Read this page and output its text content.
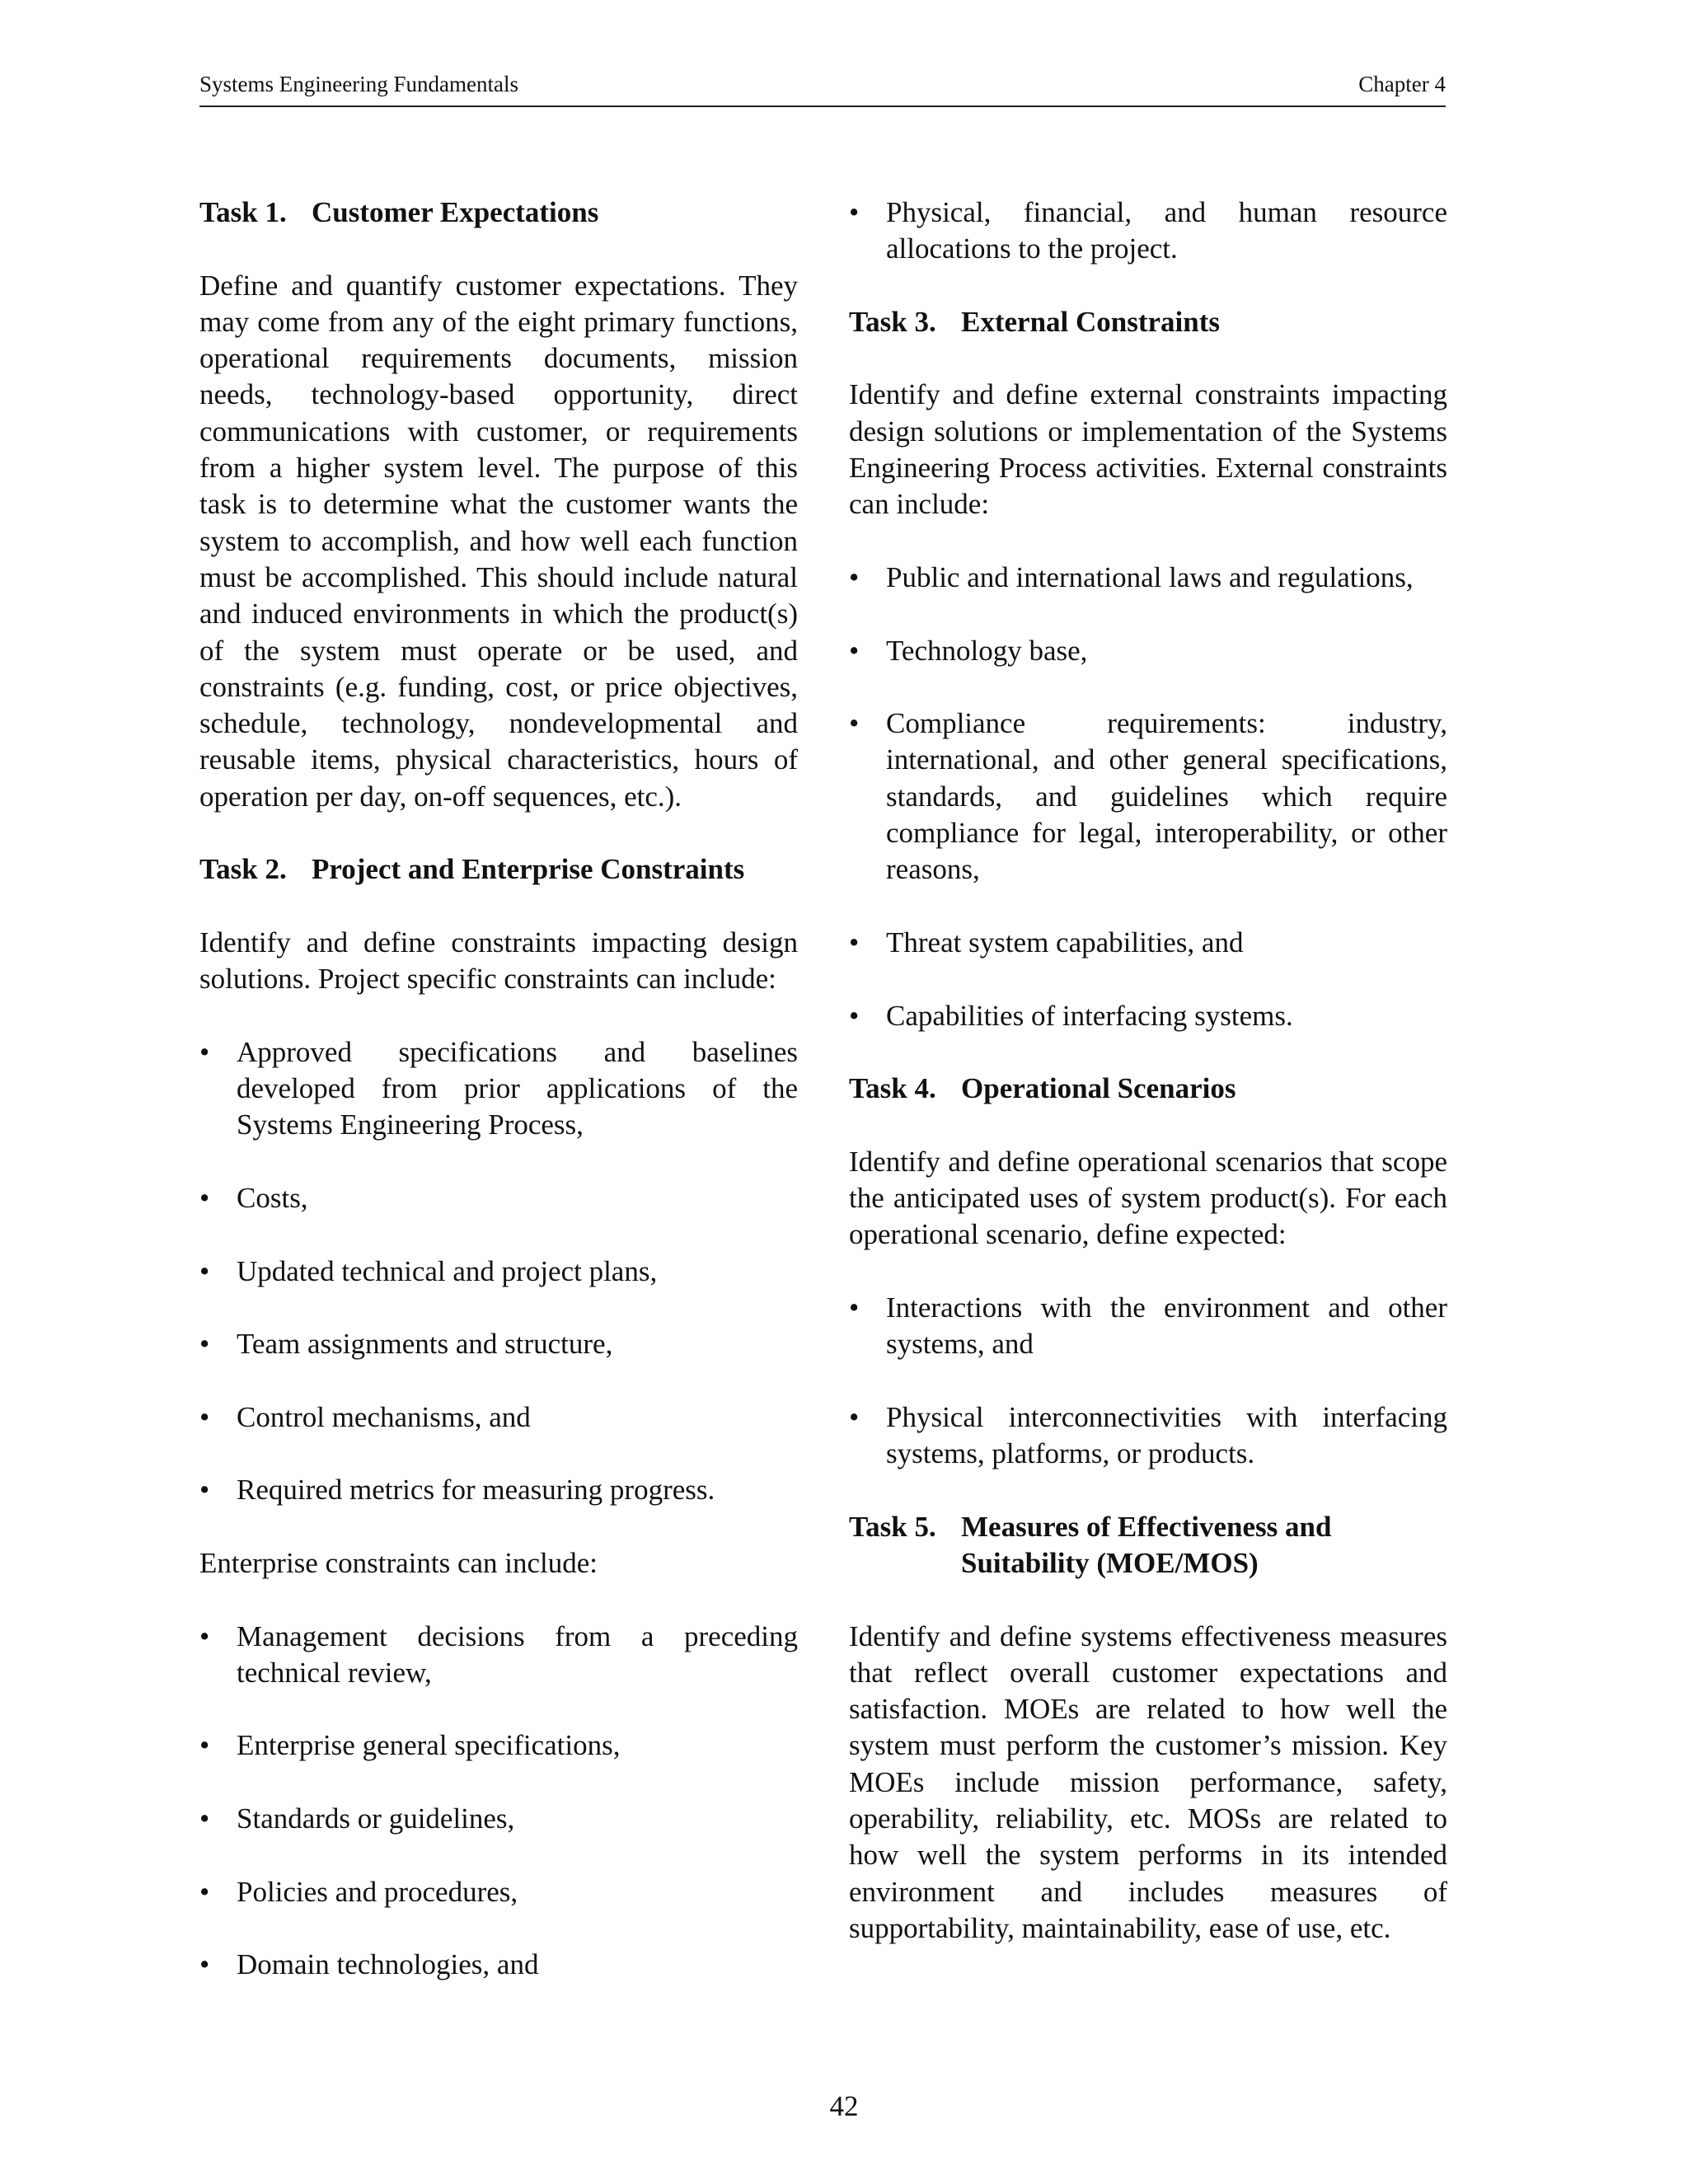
Systems Engineering Fundamentals	Chapter 4
Task 1. Customer Expectations

Define and quantify customer expectations. They may come from any of the eight primary functions, operational requirements documents, mission needs, technology-based opportunity, direct communications with customer, or requirements from a higher system level. The purpose of this task is to determine what the customer wants the system to accomplish, and how well each function must be accomplished. This should include natural and induced environments in which the product(s) of the system must operate or be used, and constraints (e.g. funding, cost, or price objectives, schedule, technology, nondevelopmental and reusable items, physical characteristics, hours of operation per day, on-off sequences, etc.).

Task 2. Project and Enterprise Constraints

Identify and define constraints impacting design solutions. Project specific constraints can include:

• Approved specifications and baselines developed from prior applications of the Systems Engineering Process,
• Costs,
• Updated technical and project plans,
• Team assignments and structure,
• Control mechanisms, and
• Required metrics for measuring progress.

Enterprise constraints can include:

• Management decisions from a preceding technical review,
• Enterprise general specifications,
• Standards or guidelines,
• Policies and procedures,
• Domain technologies, and
• Physical, financial, and human resource allocations to the project.
Task 3. External Constraints

Identify and define external constraints impacting design solutions or implementation of the Systems Engineering Process activities. External constraints can include:

• Public and international laws and regulations,
• Technology base,
• Compliance requirements: industry, international, and other general specifications, standards, and guidelines which require compliance for legal, interoperability, or other reasons,
• Threat system capabilities, and
• Capabilities of interfacing systems.
Task 4. Operational Scenarios

Identify and define operational scenarios that scope the anticipated uses of system product(s). For each operational scenario, define expected:

• Interactions with the environment and other systems, and
• Physical interconnectivities with interfacing systems, platforms, or products.
Task 5. Measures of Effectiveness and Suitability (MOE/MOS)

Identify and define systems effectiveness measures that reflect overall customer expectations and satisfaction. MOEs are related to how well the system must perform the customer’s mission. Key MOEs include mission performance, safety, operability, reliability, etc. MOSs are related to how well the system performs in its intended environment and includes measures of supportability, maintainability, ease of use, etc.

42
